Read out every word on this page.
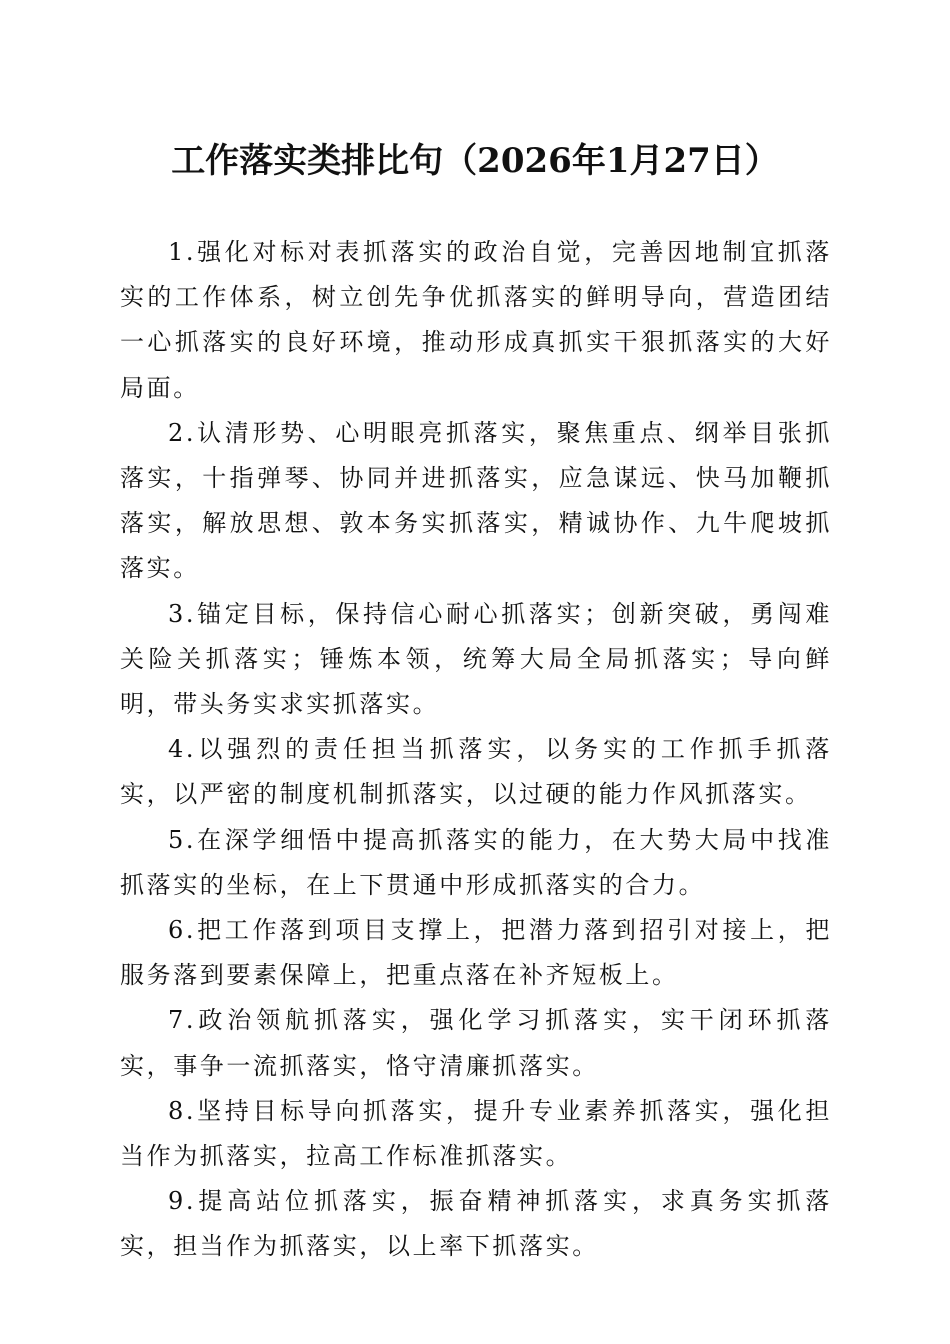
工作落实类排比句（2026年1月27日）

1.强化对标对表抓落实的政治自觉，完善因地制宜抓落实的工作体系，树立创先争优抓落实的鲜明导向，营造团结一心抓落实的良好环境，推动形成真抓实干狠抓落实的大好局面。

2.认清形势、心明眼亮抓落实，聚焦重点、纲举目张抓落实，十指弹琴、协同并进抓落实，应急谋远、快马加鞭抓落实，解放思想、敦本务实抓落实，精诚协作、九牛爬坡抓落实。

3.锚定目标，保持信心耐心抓落实；创新突破，勇闯难关险关抓落实；锤炼本领，统筹大局全局抓落实；导向鲜明，带头务实求实抓落实。

4.以强烈的责任担当抓落实，以务实的工作抓手抓落实，以严密的制度机制抓落实，以过硬的能力作风抓落实。

5.在深学细悟中提高抓落实的能力，在大势大局中找准抓落实的坐标，在上下贯通中形成抓落实的合力。

6.把工作落到项目支撑上，把潜力落到招引对接上，把服务落到要素保障上，把重点落在补齐短板上。

7.政治领航抓落实，强化学习抓落实，实干闭环抓落实，事争一流抓落实，恪守清廉抓落实。

8.坚持目标导向抓落实，提升专业素养抓落实，强化担当作为抓落实，拉高工作标准抓落实。

9.提高站位抓落实，振奋精神抓落实，求真务实抓落实，担当作为抓落实，以上率下抓落实。
